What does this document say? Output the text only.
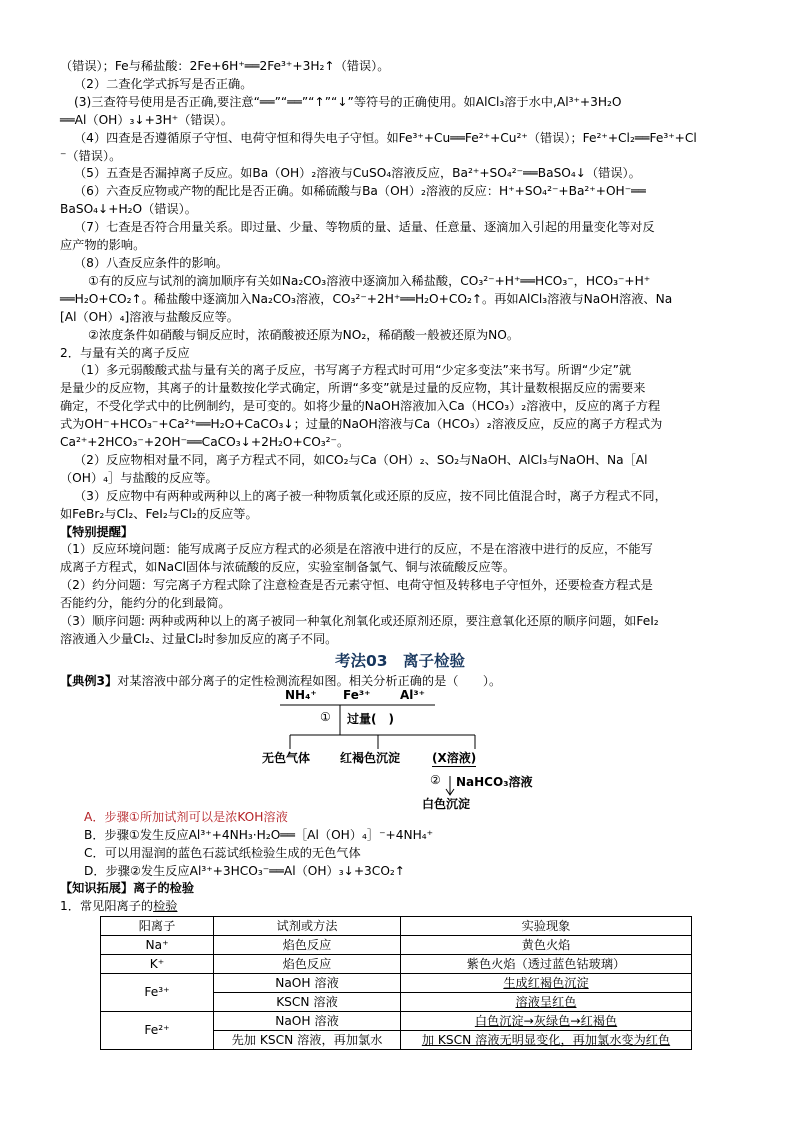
（错误）；Fe与稀盐酸：2Fe+6H⁺══2Fe³⁺+3H₂↑（错误）。

（2）二查化学式拆写是否正确。

(3)三查符号使用是否正确,要注意“══”“══”“↑”“↓”等符号的正确使用。如AlCl₃溶于水中,Al³⁺+3H₂O

══Al（OH）₃↓+3H⁺（错误）。

（4）四查是否遵循原子守恒、电荷守恒和得失电子守恒。如Fe³⁺+Cu══Fe²⁺+Cu²⁺（错误）；Fe²⁺+Cl₂══Fe³⁺+Cl

⁻（错误）。

（5）五查是否漏掉离子反应。如Ba（OH）₂溶液与CuSO₄溶液反应，Ba²⁺+SO₄²⁻══BaSO₄↓（错误）。

（6）六查反应物或产物的配比是否正确。如稀硫酸与Ba（OH）₂溶液的反应：H⁺+SO₄²⁻+Ba²⁺+OH⁻══

BaSO₄↓+H₂O（错误）。

（7）七查是否符合用量关系。即过量、少量、等物质的量、适量、任意量、逐滴加入引起的用量变化等对反

应产物的影响。

（8）八查反应条件的影响。

①有的反应与试剂的滴加顺序有关如Na₂CO₃溶液中逐滴加入稀盐酸，CO₃²⁻+H⁺══HCO₃⁻，HCO₃⁻+H⁺

══H₂O+CO₂↑。稀盐酸中逐滴加入Na₂CO₃溶液，CO₃²⁻+2H⁺══H₂O+CO₂↑。再如AlCl₃溶液与NaOH溶液、Na

[Al（OH）₄]溶液与盐酸反应等。

②浓度条件如硝酸与铜反应时，浓硝酸被还原为NO₂，稀硝酸一般被还原为NO。

2．与量有关的离子反应

（1）多元弱酸酸式盐与量有关的离子反应，书写离子方程式时可用“少定多变法”来书写。所谓“少定”就

是量少的反应物，其离子的计量数按化学式确定，所谓“多变”就是过量的反应物，其计量数根据反应的需要来

确定，不受化学式中的比例制约，是可变的。如将少量的NaOH溶液加入Ca（HCO₃）₂溶液中，反应的离子方程

式为OH⁻+HCO₃⁻+Ca²⁺══H₂O+CaCO₃↓；过量的NaOH溶液与Ca（HCO₃）₂溶液反应，反应的离子方程式为

Ca²⁺+2HCO₃⁻+2OH⁻══CaCO₃↓+2H₂O+CO₃²⁻。

（2）反应物相对量不同，离子方程式不同，如CO₂与Ca（OH）₂、SO₂与NaOH、AlCl₃与NaOH、Na［Al

（OH）₄］与盐酸的反应等。

（3）反应物中有两种或两种以上的离子被一种物质氧化或还原的反应，按不同比值混合时，离子方程式不同，

如FeBr₂与Cl₂、FeI₂与Cl₂的反应等。

【特别提醒】

（1）反应环境问题：能写成离子反应方程式的必须是在溶液中进行的反应，不是在溶液中进行的反应，不能写

成离子方程式，如NaCl固体与浓硫酸的反应，实验室制备氯气、铜与浓硫酸反应等。

（2）约分问题：写完离子方程式除了注意检查是否元素守恒、电荷守恒及转移电子守恒外，还要检查方程式是

否能约分，能约分的化到最简。

（3）顺序问题: 两种或两种以上的离子被同一种氧化剂氧化或还原剂还原，要注意氧化还原的顺序问题，如FeI₂

溶液通入少量Cl₂、过量Cl₂时参加反应的离子不同。

考法03　离子检验

【典例3】对某溶液中部分离子的定性检测流程如图。相关分析正确的是（　　）。

NH₄⁺ Fe³⁺ Al³⁺
① 过量(　)
无色气体 红褐色沉淀	(X溶液)
② NaHCO₃溶液
白色沉淀

A．步骤①所加试剂可以是浓KOH溶液

B．步骤①发生反应Al³⁺+4NH₃·H₂O══［Al（OH）₄］⁻+4NH₄⁺

C．可以用湿润的蓝色石蕊试纸检验生成的无色气体

D．步骤②发生反应Al³⁺+3HCO₃⁻══Al（OH）₃↓+3CO₂↑

【知识拓展】离子的检验

1．常见阳离子的检验

阳离子	试剂或方法	实验现象
Na⁺	焰色反应	黄色火焰
K⁺	焰色反应	紫色火焰（透过蓝色钴玻璃）
Fe³⁺	NaOH 溶液	生成红褐色沉淀
	KSCN 溶液	溶液呈红色
Fe²⁺	NaOH 溶液	白色沉淀→灰绿色→红褐色
	先加 KSCN 溶液，再加氯水	加 KSCN 溶液无明显变化，再加氯水变为红色
